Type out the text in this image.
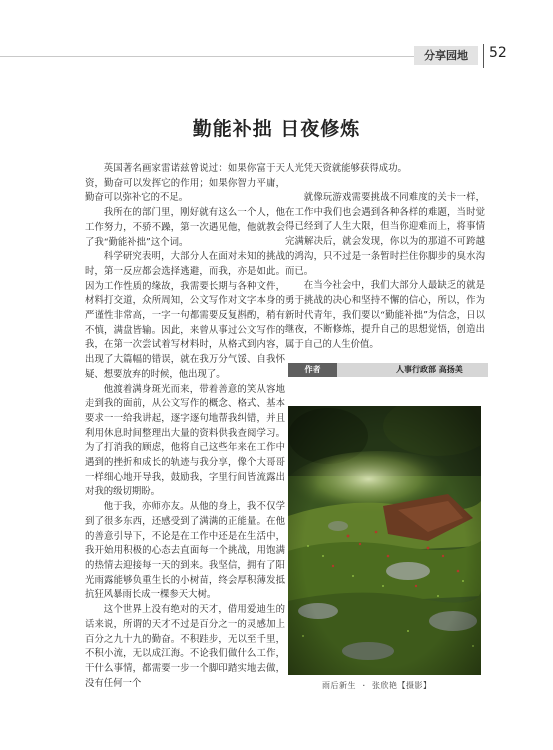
分享园地	52
勤能补拙 日夜修炼

英国著名画家雷诺兹曾说过：如果你富于天资，勤奋可以发挥它的作用；如果你智力平庸，勤奋可以弥补它的不足。

我所在的部门里，刚好就有这么一个人，他工作努力，不骄不躁，第一次遇见他，他就教会了我“勤能补拙”这个词。

科学研究表明，大部分人在面对未知的挑战时，第一反应都会选择逃避，而我，亦是如此。因为工作性质的缘故，我需要长期与各种文件，材料打交道，众所周知，公文写作对文字本身的严谨性非常高，一字一句都需要反复斟酌，稍有不慎，满盘皆输。因此，来曾从事过公文写作的我，在第一次尝试着写材料时，从格式到内容，出现了大篇幅的错误，就在我万分气馁、自我怀疑、想要放弃的时候，他出现了。

他渡着满身斑光而来，带着善意的笑从容地走到我的面前，从公文写作的概念、格式、基本要求一一给我讲起，逐字逐句地帮我纠错，并且利用休息时间整理出大量的资料供我查阅学习。为了打消我的顾虑，他将自己这些年来在工作中遇到的挫折和成长的轨迹与我分享，像个大哥哥一样细心地开导我，鼓励我，字里行间皆流露出对我的级切期盼。

他于我，亦师亦友。从他的身上，我不仅学到了很多东西，还感受到了满满的正能量。在他的善意引导下，不论是在工作中还是在生活中，我开始用积极的心态去直面每一个挑战，用饱满的热情去迎接每一天的到来。我坚信，拥有了阳光雨露能够负重生长的小树苗，终会厚积薄发抵抗狂风暴雨长成一棵参天大树。

这个世界上没有绝对的天才，借用爱迪生的话来说，所谓的天才不过是百分之一的灵感加上百分之九十九的勤奋。不积跬步，无以至千里，不积小流，无以成江海。不论我们做什么工作，干什么事情，都需要一步一个脚印踏实地去做，没有任何一个

人光凭天资就能够获得成功。

就像玩游戏需要挑战不同难度的关卡一样，在工作中我们也会遇到各种各样的难题，当时觉得已经到了人生大限，但当你迎难而上，将事情完满解决后，就会发现，你以为的那道不可跨越的鸿沟，只不过是一条暂时拦住你脚步的臭水沟而已。

在当今社会中，我们大部分人最缺乏的就是勇于挑战的决心和坚持不懈的信心，所以，作为新时代青年，我们要以“勤能补拙”为信念，日以继夜，不断修炼，提升自己的思想觉悟，创造出属于自己的人生价值。

作者	人事行政部 高扬美
雨后新生 · 张欣艳【摄影】
